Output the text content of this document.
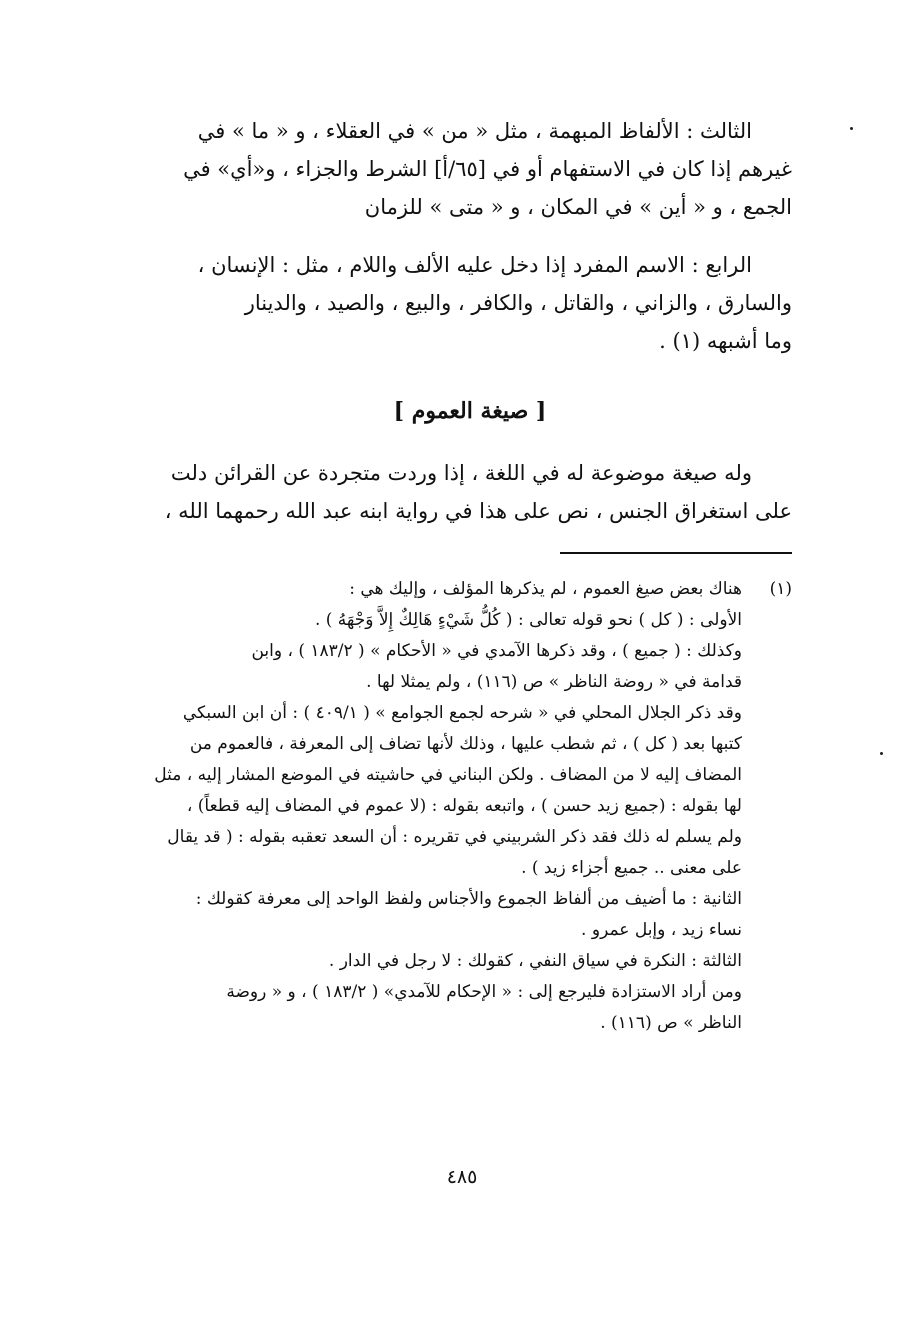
الثالث : الألفاظ المبهمة ، مثل « من » في العقلاء ، و « ما » في

غيرهم إذا كان في الاستفهام أو في [٦٥/أ] الشرط والجزاء ، و«أي» في

الجمع ، و « أين » في المكان ، و « متى » للزمان

الرابع : الاسم المفرد إذا دخل عليه الألف واللام ، مثل : الإنسان ،

والسارق ، والزاني ، والقاتل ، والكافر ، والبيع ، والصيد ، والدينار

وما أشبهه (١) .

وله صيغة موضوعة له في اللغة ، إذا وردت متجردة عن القرائن دلت

على استغراق الجنس ، نص على هذا في رواية ابنه عبد الله رحمهما الله ،

[ صيغة العموم ]
(١)

هناك بعض صيغ العموم ، لم يذكرها المؤلف ، وإليك هي :

الأولى : ( كل ) نحو قوله تعالى : ( كُلُّ شَيْءٍ هَالِكٌ إِلاَّ وَجْهَهُ ) .

وكذلك : ( جميع ) ، وقد ذكرها الآمدي في « الأحكام » ( ١٨٣/٢ ) ، وابن

قدامة في « روضة الناظر » ص (١١٦) ، ولم يمثلا لها .

وقد ذكر الجلال المحلي في « شرحه لجمع الجوامع » ( ٤٠٩/١ ) : أن ابن السبكي

كتبها بعد ( كل ) ، ثم شطب عليها ، وذلك لأنها تضاف إلى المعرفة ، فالعموم من

المضاف إليه لا من المضاف . ولكن البناني في حاشيته في الموضع المشار إليه ، مثل

لها بقوله : (جميع زيد حسن ) ، واتبعه بقوله : (لا عموم في المضاف إليه قطعاً) ،

ولم يسلم له ذلك فقد ذكر الشربيني في تقريره : أن السعد تعقبه بقوله : ( قد يقال

على معنى .. جميع أجزاء زيد ) .

الثانية : ما أضيف من ألفاظ الجموع والأجناس ولفظ الواحد إلى معرفة كقولك :

نساء زيد ، وإبل عمرو .

الثالثة : النكرة في سياق النفي ، كقولك : لا رجل في الدار .

ومن أراد الاستزادة فليرجع إلى : « الإحكام للآمدي» ( ١٨٣/٢ ) ، و « روضة

الناظر » ص (١١٦) .

٤٨٥
